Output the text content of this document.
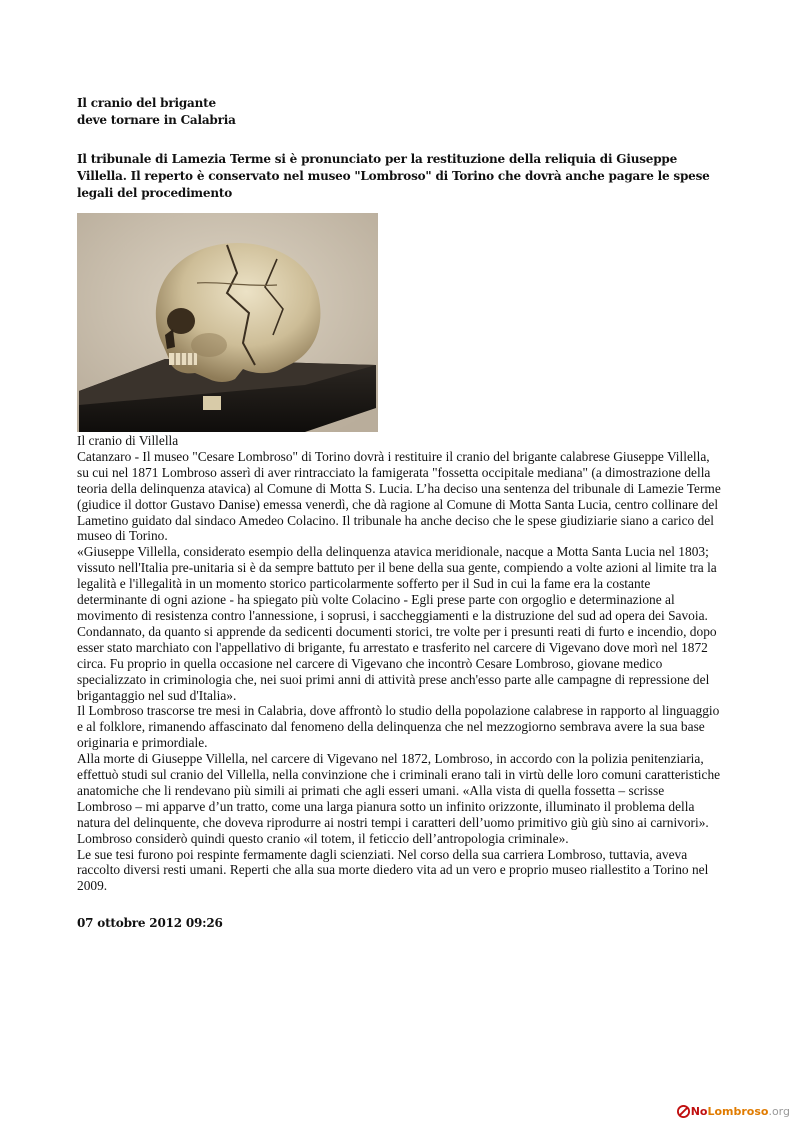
Il cranio del brigante

deve tornare in Calabria

Il tribunale di Lamezia Terme si è pronunciato per la restituzione della reliquia di Giuseppe Villella. Il reperto è conservato nel museo "Lombroso" di Torino che dovrà anche pagare le spese legali del procedimento

Il cranio di Villella

Catanzaro - Il museo "Cesare Lombroso" di Torino dovrà i restituire il cranio del brigante calabrese Giuseppe Villella, su cui nel 1871 Lombroso asserì di aver rintracciato la famigerata "fossetta occipitale mediana" (a dimostrazione della teoria della delinquenza atavica) al Comune di Motta S. Lucia. L’ha deciso una sentenza del tribunale di Lamezie Terme (giudice il dottor Gustavo Danise) emessa venerdì, che dà ragione al Comune di Motta Santa Lucia, centro collinare del Lametino guidato dal sindaco Amedeo Colacino. Il tribunale ha anche deciso che le spese giudiziarie siano a carico del museo di Torino.

«Giuseppe Villella, considerato esempio della delinquenza atavica meridionale, nacque a Motta Santa Lucia nel 1803; vissuto nell'Italia pre-unitaria si è da sempre battuto per il bene della sua gente, compiendo a volte azioni al limite tra la legalità e l'illegalità in un momento storico particolarmente sofferto per il Sud in cui la fame era la costante determinante di ogni azione - ha spiegato più volte Colacino - Egli prese parte con orgoglio e determinazione al movimento di resistenza contro l'annessione, i soprusi, i saccheggiamenti e la distruzione del sud ad opera dei Savoia. Condannato, da quanto si apprende da sedicenti documenti storici, tre volte per i presunti reati di furto e incendio, dopo esser stato marchiato con l'appellativo di brigante, fu arrestato e trasferito nel carcere di Vigevano dove morì nel 1872 circa. Fu proprio in quella occasione nel carcere di Vigevano che incontrò Cesare Lombroso, giovane medico specializzato in criminologia che, nei suoi primi anni di attività prese anch'esso parte alle campagne di repressione del brigantaggio nel sud d'Italia».

Il Lombroso trascorse tre mesi in Calabria, dove affrontò lo studio della popolazione calabrese in rapporto al linguaggio e al folklore, rimanendo affascinato dal fenomeno della delinquenza che nel mezzogiorno sembrava avere la sua base originaria e primordiale.

Alla morte di Giuseppe Villella, nel carcere di Vigevano nel 1872, Lombroso, in accordo con la polizia penitenziaria, effettuò studi sul cranio del Villella, nella convinzione che i criminali erano tali in virtù delle loro comuni caratteristiche anatomiche che li rendevano più simili ai primati che agli esseri umani. «Alla vista di quella fossetta – scrisse Lombroso – mi apparve d’un tratto, come una larga pianura sotto un infinito orizzonte, illuminato il problema della natura del delinquente, che doveva riprodurre ai nostri tempi i caratteri dell’uomo primitivo giù giù sino ai carnivori». Lombroso considerò quindi questo cranio «il totem, il feticcio dell’antropologia criminale».

Le sue tesi furono poi respinte fermamente dagli scienziati. Nel corso della sua carriera Lombroso, tuttavia, aveva raccolto diversi resti umani. Reperti che alla sua morte diedero vita ad un vero e proprio museo riallestito a Torino nel 2009.

07 ottobre 2012 09:26
No Lombroso .org
